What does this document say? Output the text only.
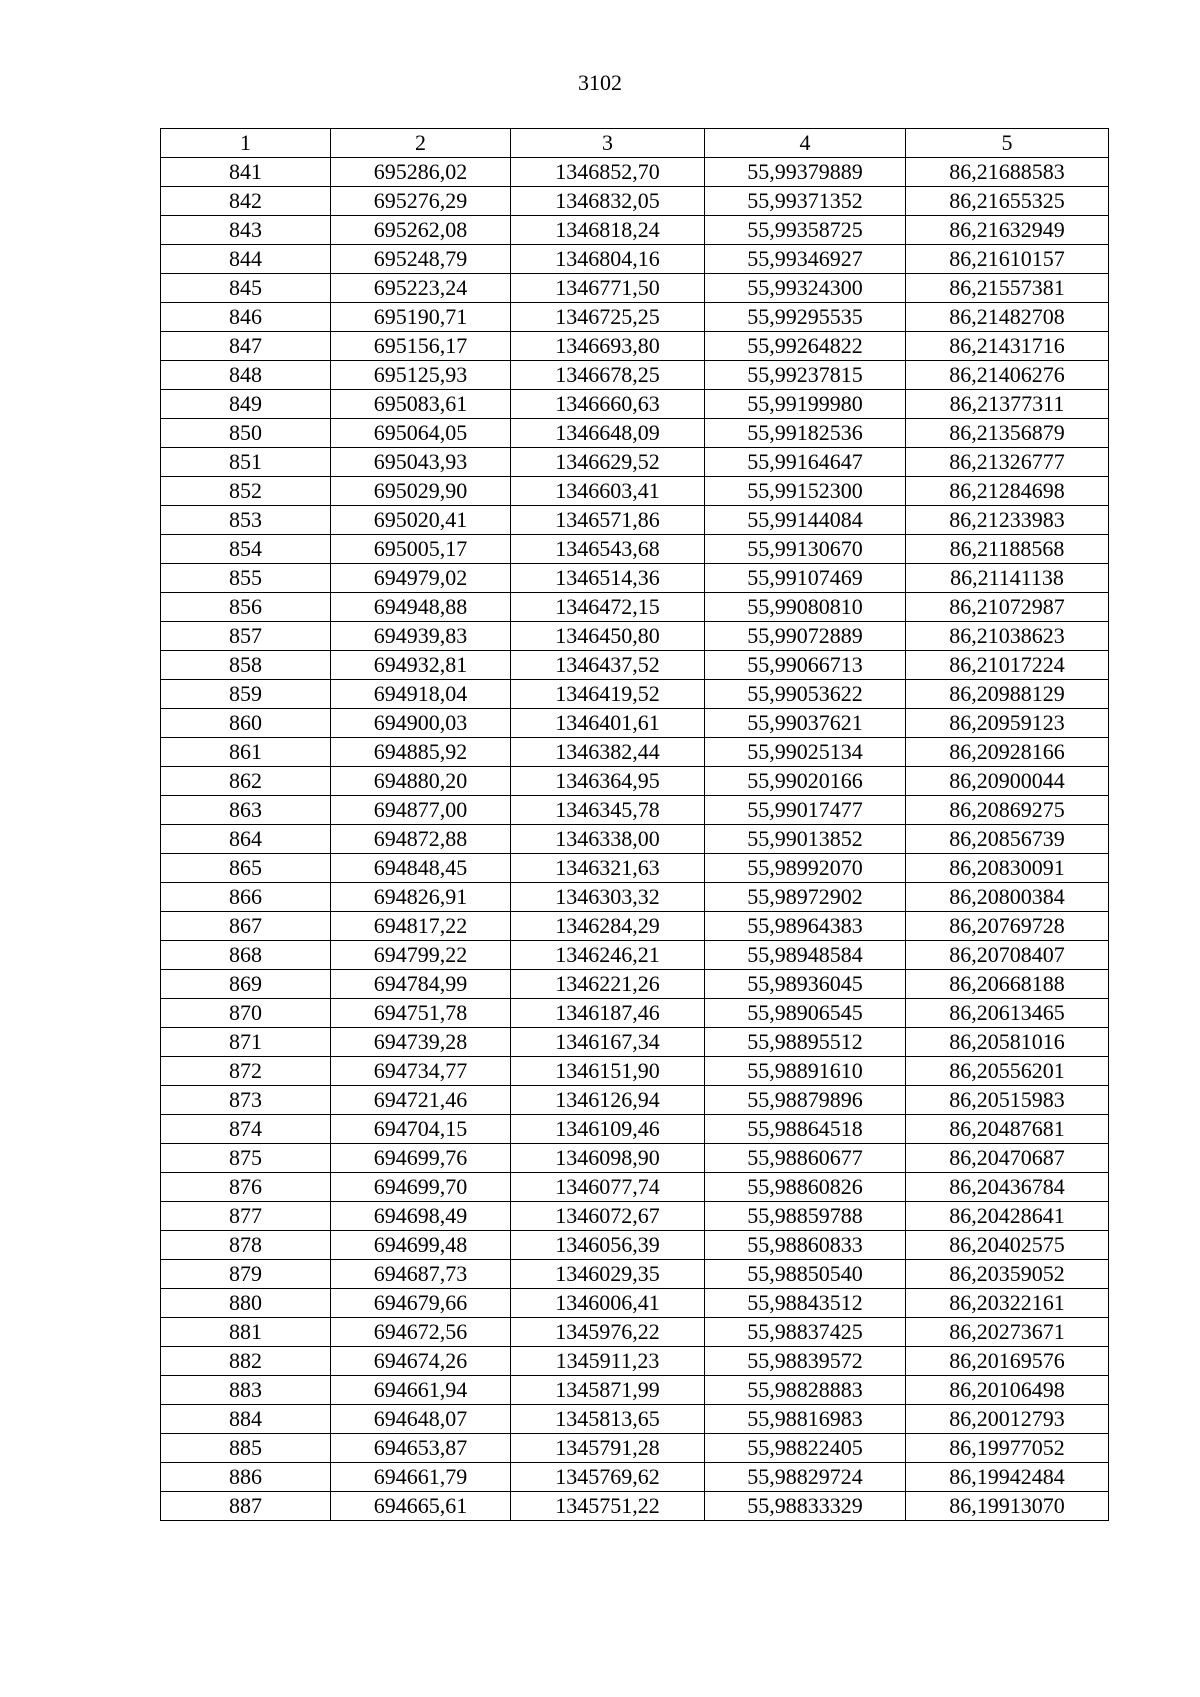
3102
1	2	3	4	5
841	695286,02	1346852,70	55,99379889	86,21688583
842	695276,29	1346832,05	55,99371352	86,21655325
843	695262,08	1346818,24	55,99358725	86,21632949
844	695248,79	1346804,16	55,99346927	86,21610157
845	695223,24	1346771,50	55,99324300	86,21557381
846	695190,71	1346725,25	55,99295535	86,21482708
847	695156,17	1346693,80	55,99264822	86,21431716
848	695125,93	1346678,25	55,99237815	86,21406276
849	695083,61	1346660,63	55,99199980	86,21377311
850	695064,05	1346648,09	55,99182536	86,21356879
851	695043,93	1346629,52	55,99164647	86,21326777
852	695029,90	1346603,41	55,99152300	86,21284698
853	695020,41	1346571,86	55,99144084	86,21233983
854	695005,17	1346543,68	55,99130670	86,21188568
855	694979,02	1346514,36	55,99107469	86,21141138
856	694948,88	1346472,15	55,99080810	86,21072987
857	694939,83	1346450,80	55,99072889	86,21038623
858	694932,81	1346437,52	55,99066713	86,21017224
859	694918,04	1346419,52	55,99053622	86,20988129
860	694900,03	1346401,61	55,99037621	86,20959123
861	694885,92	1346382,44	55,99025134	86,20928166
862	694880,20	1346364,95	55,99020166	86,20900044
863	694877,00	1346345,78	55,99017477	86,20869275
864	694872,88	1346338,00	55,99013852	86,20856739
865	694848,45	1346321,63	55,98992070	86,20830091
866	694826,91	1346303,32	55,98972902	86,20800384
867	694817,22	1346284,29	55,98964383	86,20769728
868	694799,22	1346246,21	55,98948584	86,20708407
869	694784,99	1346221,26	55,98936045	86,20668188
870	694751,78	1346187,46	55,98906545	86,20613465
871	694739,28	1346167,34	55,98895512	86,20581016
872	694734,77	1346151,90	55,98891610	86,20556201
873	694721,46	1346126,94	55,98879896	86,20515983
874	694704,15	1346109,46	55,98864518	86,20487681
875	694699,76	1346098,90	55,98860677	86,20470687
876	694699,70	1346077,74	55,98860826	86,20436784
877	694698,49	1346072,67	55,98859788	86,20428641
878	694699,48	1346056,39	55,98860833	86,20402575
879	694687,73	1346029,35	55,98850540	86,20359052
880	694679,66	1346006,41	55,98843512	86,20322161
881	694672,56	1345976,22	55,98837425	86,20273671
882	694674,26	1345911,23	55,98839572	86,20169576
883	694661,94	1345871,99	55,98828883	86,20106498
884	694648,07	1345813,65	55,98816983	86,20012793
885	694653,87	1345791,28	55,98822405	86,19977052
886	694661,79	1345769,62	55,98829724	86,19942484
887	694665,61	1345751,22	55,98833329	86,19913070
